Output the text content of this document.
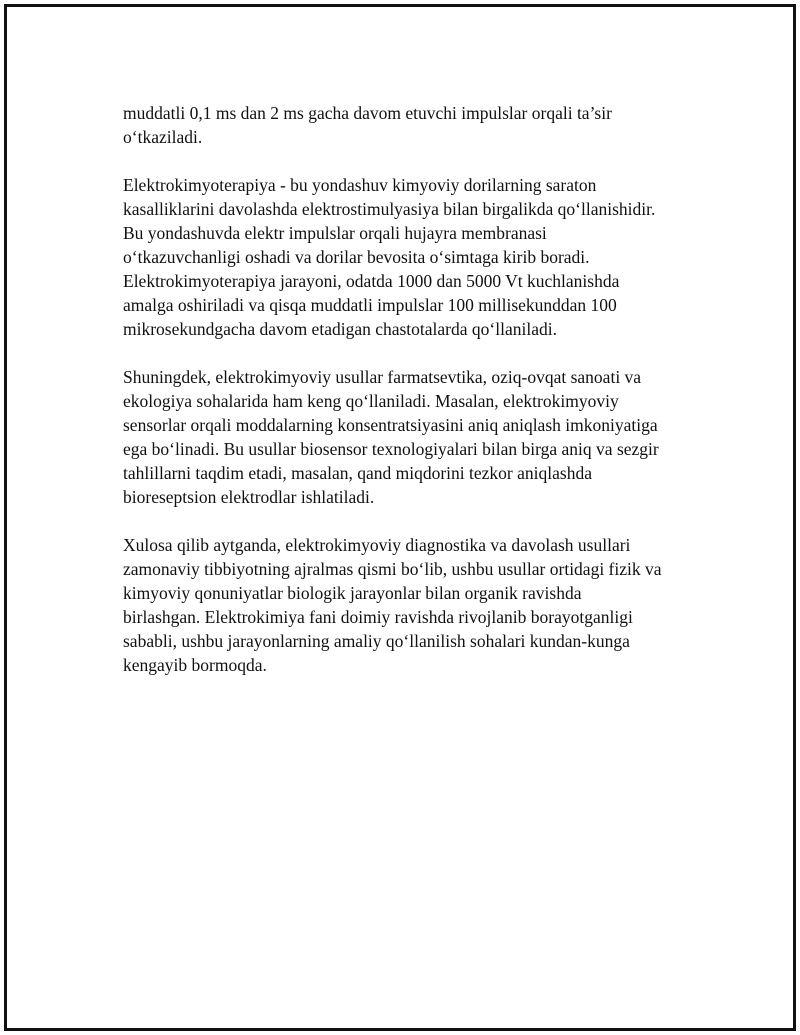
muddatli 0,1 ms dan 2 ms gacha davom etuvchi impulslar orqali ta’sir
o‘tkaziladi.

Elektrokimyoterapiya - bu yondashuv kimyoviy dorilarning saraton
kasalliklarini davolashda elektrostimulyasiya bilan birgalikda qo‘llanishidir.
Bu yondashuvda elektr impulslar orqali hujayra membranasi
o‘tkazuvchanligi oshadi va dorilar bevosita o‘simtaga kirib boradi.
Elektrokimyoterapiya jarayoni, odatda 1000 dan 5000 Vt kuchlanishda
amalga oshiriladi va qisqa muddatli impulslar 100 millisekunddan 100
mikrosekundgacha davom etadigan chastotalarda qo‘llaniladi.

Shuningdek, elektrokimyoviy usullar farmatsevtika, oziq-ovqat sanoati va
ekologiya sohalarida ham keng qo‘llaniladi. Masalan, elektrokimyoviy
sensorlar orqali moddalarning konsentratsiyasini aniq aniqlash imkoniyatiga
ega bo‘linadi. Bu usullar biosensor texnologiyalari bilan birga aniq va sezgir
tahlillarni taqdim etadi, masalan, qand miqdorini tezkor aniqlashda
bioreseptsion elektrodlar ishlatiladi.

Xulosa qilib aytganda, elektrokimyoviy diagnostika va davolash usullari
zamonaviy tibbiyotning ajralmas qismi bo‘lib, ushbu usullar ortidagi fizik va
kimyoviy qonuniyatlar biologik jarayonlar bilan organik ravishda
birlashgan. Elektrokimiya fani doimiy ravishda rivojlanib borayotganligi
sababli, ushbu jarayonlarning amaliy qo‘llanilish sohalari kundan-kunga
kengayib bormoqda.
